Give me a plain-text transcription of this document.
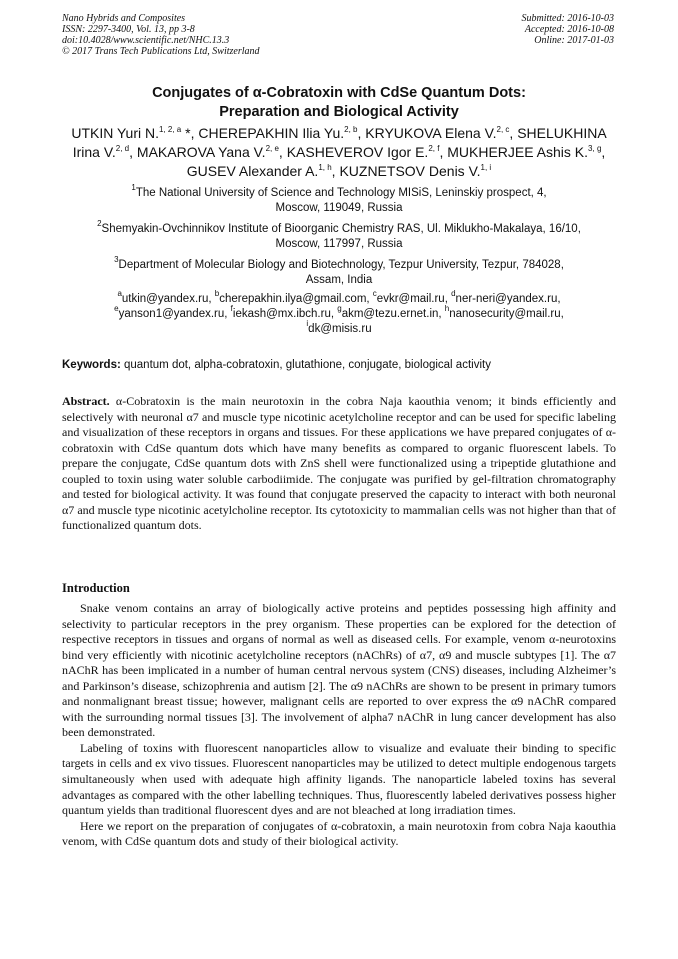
Nano Hybrids and Composites
ISSN: 2297-3400, Vol. 13, pp 3-8
doi:10.4028/www.scientific.net/NHC.13.3
© 2017 Trans Tech Publications Ltd, Switzerland
Submitted: 2016-10-03
Accepted: 2016-10-08
Online: 2017-01-03
Conjugates of α-Cobratoxin with CdSe Quantum Dots:
Preparation and Biological Activity
UTKIN Yuri N.$^{1, 2, a}$ *, CHEREPAKHIN Ilia Yu.$^{2, b}$, KRYUKOVA Elena V.$^{2, c}$, SHELUKHINA Irina V.$^{2, d}$, MAKAROVA Yana V.$^{2, e}$, KASHEVEROV Igor E.$^{2, f}$, MUKHERJEE Ashis K.$^{3, g}$, GUSEV Alexander A.$^{1, h}$, KUZNETSOV Denis V.$^{1, i}$
$^1$The National University of Science and Technology MISiS, Leninskiy prospect, 4,
Moscow, 119049, Russia
$^2$Shemyakin-Ovchinnikov Institute of Bioorganic Chemistry RAS, Ul. Miklukho-Makalaya, 16/10,
Moscow, 117997, Russia
$^3$Department of Molecular Biology and Biotechnology, Tezpur University, Tezpur, 784028,
Assam, India
$^a$utkin@yandex.ru, $^b$cherepakhin.ilya@gmail.com, $^c$evkr@mail.ru, $^d$ner-neri@yandex.ru,
$^e$yanson1@yandex.ru, $^f$iekash@mx.ibch.ru, $^g$akm@tezu.ernet.in, $^h$nanosecurity@mail.ru,
$^i$dk@misis.ru
Keywords: quantum dot, alpha-cobratoxin, glutathione, conjugate, biological activity
Abstract. α-Cobratoxin is the main neurotoxin in the cobra Naja kaouthia venom; it binds efficiently and selectively with neuronal α7 and muscle type nicotinic acetylcholine receptor and can be used for specific labeling and visualization of these receptors in organs and tissues. For these applications we have prepared conjugates of α-cobratoxin with CdSe quantum dots which have many benefits as compared to organic fluorescent labels. To prepare the conjugate, CdSe quantum dots with ZnS shell were functionalized using a tripeptide glutathione and coupled to toxin using water soluble carbodiimide. The conjugate was purified by gel-filtration chromatography and tested for biological activity. It was found that conjugate preserved the capacity to interact with both neuronal α7 and muscle type nicotinic acetylcholine receptor. Its cytotoxicity to mammalian cells was not higher than that of functionalized quantum dots.
Introduction

Snake venom contains an array of biologically active proteins and peptides possessing high affinity and selectivity to particular receptors in the prey organism. These properties can be explored for the detection of respective receptors in tissues and organs of normal as well as diseased cells. For example, venom α-neurotoxins bind very efficiently with nicotinic acetylcholine receptors (nAChRs) of α7, α9 and muscle subtypes [1]. The α7 nAChR has been implicated in a number of human central nervous system (CNS) diseases, including Alzheimer’s and Parkinson’s disease, schizophrenia and autism [2]. The α9 nAChRs are shown to be present in primary tumors and nonmalignant breast tissue; however, malignant cells are reported to over express the α9 nAChR compared with the surrounding normal tissues [3]. The involvement of alpha7 nAChR in lung cancer development has also been demonstrated.

Labeling of toxins with fluorescent nanoparticles allow to visualize and evaluate their binding to specific targets in cells and ex vivo tissues. Fluorescent nanoparticles may be utilized to detect multiple endogenous targets simultaneously when used with adequate high affinity ligands. The nanoparticle labeled toxins has several advantages as compared with the other labelling techniques. Thus, fluorescently labeled derivatives possess higher quantum yields than traditional fluorescent dyes and are not bleached at long irradiation times.

Here we report on the preparation of conjugates of α-cobratoxin, a main neurotoxin from cobra Naja kaouthia venom, with CdSe quantum dots and study of their biological activity.
